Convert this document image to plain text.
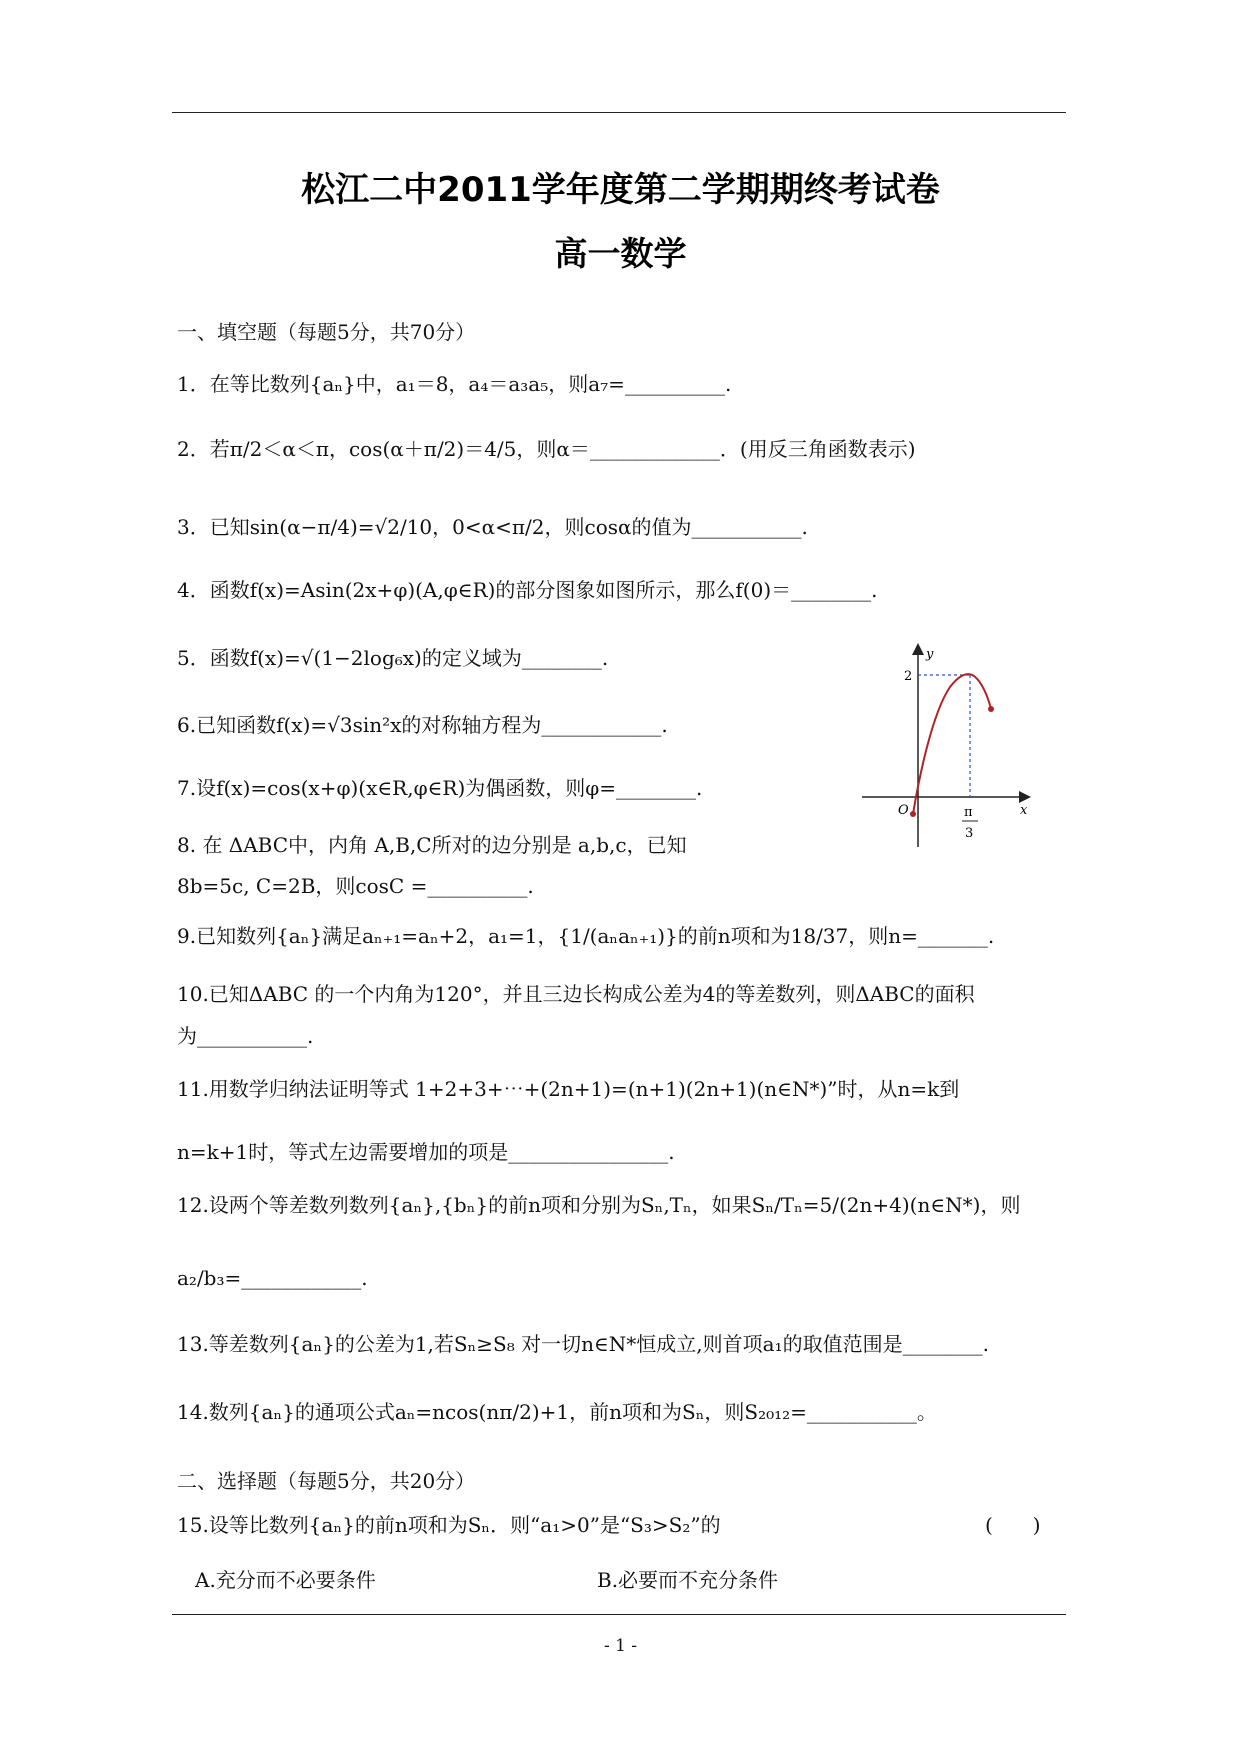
松江二中2011学年度第二学期期终考试卷
高一数学
一、填空题（每题5分，共70分）
1．在等比数列{aₙ}中，a₁＝8，a₄＝a₃a₅，则a₇=__________.
2．若π/2＜α＜π，cos(α＋π/2)＝4/5，则α＝_____________．(用反三角函数表示)
3．已知sin(α−π/4)=√2/10，0<α<π/2，则cosα的值为___________.
4．函数f(x)=Asin(2x+φ)(A,φ∈R)的部分图象如图所示，那么f(0)＝________.
5．函数f(x)=√(1−2log₆x)的定义域为________.
6.已知函数f(x)=√3sin²x的对称轴方程为____________.
7.设f(x)=cos(x+φ)(x∈R,φ∈R)为偶函数，则φ=________.
8. 在 ΔABC中，内角 A,B,C所对的边分别是 a,b,c，已知
8b=5c, C=2B，则cosC =__________.
9.已知数列{aₙ}满足aₙ₊₁=aₙ+2，a₁=1，{1/(aₙaₙ₊₁)}的前n项和为18/37，则n=_______.
10.已知ΔABC 的一个内角为120°，并且三边长构成公差为4的等差数列，则ΔABC的面积
为___________.
11.用数学归纳法证明等式 1+2+3+⋯+(2n+1)=(n+1)(2n+1)(n∈N*)”时，从n=k到
n=k+1时，等式左边需要增加的项是________________.
12.设两个等差数列数列{aₙ},{bₙ}的前n项和分别为Sₙ,Tₙ，如果Sₙ/Tₙ=5/(2n+4)(n∈N*)，则
a₂/b₃=____________.
13.等差数列{aₙ}的公差为1,若Sₙ≥S₈ 对一切n∈N*恒成立,则首项a₁的取值范围是________.
14.数列{aₙ}的通项公式aₙ=ncos(nπ/2)+1，前n项和为Sₙ，则S₂₀₁₂=___________。
二、选择题（每题5分，共20分）
15.设等比数列{aₙ}的前n项和为Sₙ．则“a₁>0”是“S₃>S₂”的	(　　)
A.充分而不必要条件	B.必要而不充分条件
- 1 -
y
x
O
2
π
3
